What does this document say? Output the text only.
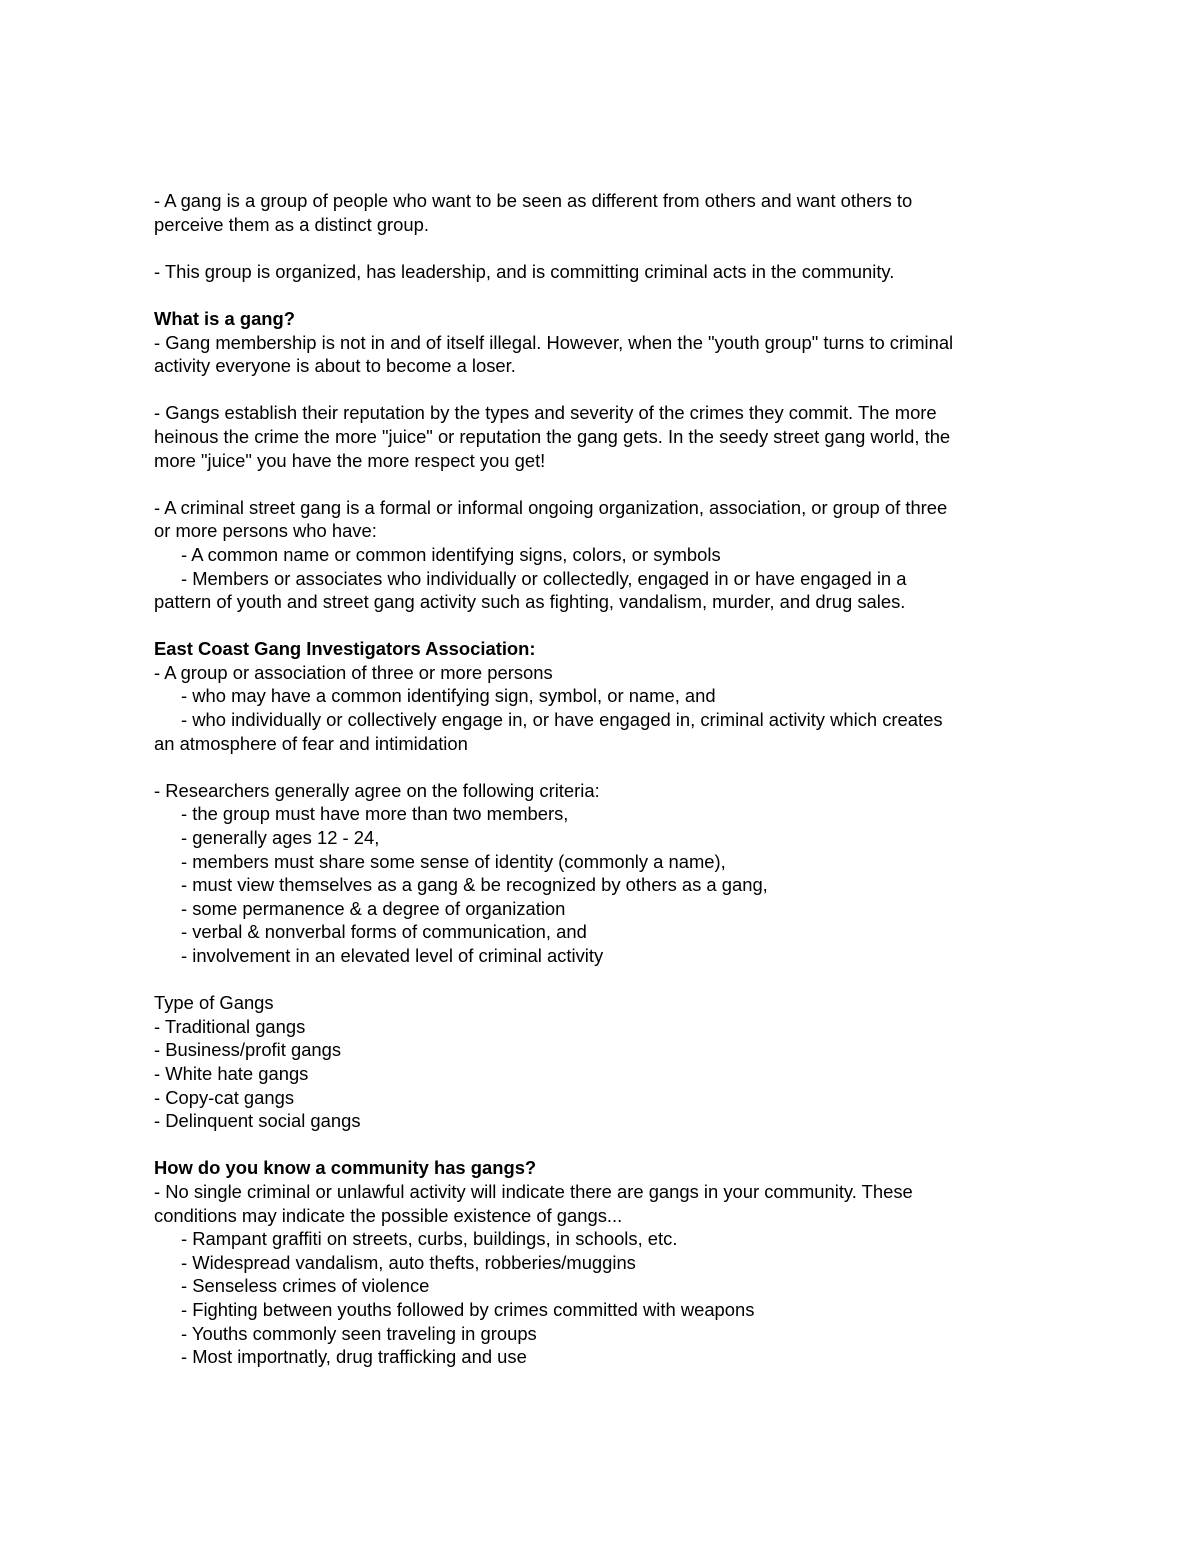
- A gang is a group of people who want to be seen as different from others and want others to
perceive them as a distinct group.
- This group is organized, has leadership, and is committing criminal acts in the community.
What is a gang?
- Gang membership is not in and of itself illegal. However, when the "youth group" turns to criminal
activity everyone is about to become a loser.
- Gangs establish their reputation by the types and severity of the crimes they commit. The more
heinous the crime the more "juice" or reputation the gang gets. In the seedy street gang world, the
more "juice" you have the more respect you get!
- A criminal street gang is a formal or informal ongoing organization, association, or group of three
or more persons who have:
- A common name or common identifying signs, colors, or symbols
- Members or associates who individually or collectedly, engaged in or have engaged in a
pattern of youth and street gang activity such as fighting, vandalism, murder, and drug sales.
East Coast Gang Investigators Association:
- A group or association of three or more persons
- who may have a common identifying sign, symbol, or name, and
- who individually or collectively engage in, or have engaged in, criminal activity which creates
an atmosphere of fear and intimidation
- Researchers generally agree on the following criteria:
- the group must have more than two members,
- generally ages 12 - 24,
- members must share some sense of identity (commonly a name),
- must view themselves as a gang & be recognized by others as a gang,
- some permanence & a degree of organization
- verbal & nonverbal forms of communication, and
- involvement in an elevated level of criminal activity
Type of Gangs
- Traditional gangs
- Business/profit gangs
- White hate gangs
- Copy-cat gangs
- Delinquent social gangs
How do you know a community has gangs?
- No single criminal or unlawful activity will indicate there are gangs in your community. These
conditions may indicate the possible existence of gangs...
- Rampant graffiti on streets, curbs, buildings, in schools, etc.
- Widespread vandalism, auto thefts, robberies/muggins
- Senseless crimes of violence
- Fighting between youths followed by crimes committed with weapons
- Youths commonly seen traveling in groups
- Most importnatly, drug trafficking and use
